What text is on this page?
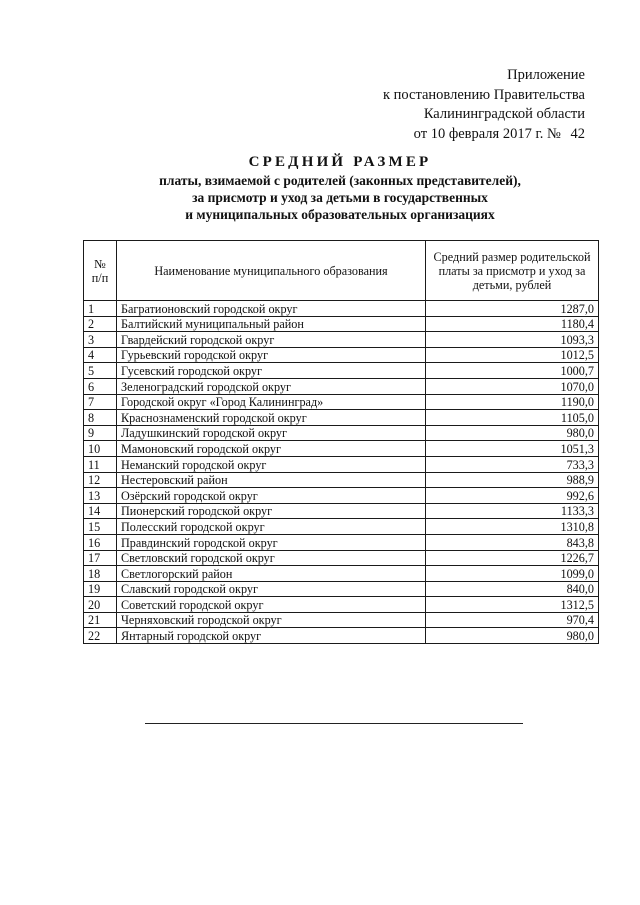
Приложение
к постановлению Правительства
Калининградской области
от 10 февраля 2017 г. № 42
СРЕДНИЙ РАЗМЕР
платы, взимаемой с родителей (законных представителей),
за присмотр и уход за детьми в государственных
и муниципальных образовательных организациях
№ п/п	Наименование муниципального образования	Средний размер родительской платы за присмотр и уход за детьми, рублей
1	Багратионовский городской округ	1287,0
2	Балтийский муниципальный район	1180,4
3	Гвардейский городской округ	1093,3
4	Гурьевский городской округ	1012,5
5	Гусевский городской округ	1000,7
6	Зеленоградский городской округ	1070,0
7	Городской округ «Город Калининград»	1190,0
8	Краснознаменский городской округ	1105,0
9	Ладушкинский городской округ	980,0
10	Мамоновский городской округ	1051,3
11	Неманский городской округ	733,3
12	Нестеровский район	988,9
13	Озёрский городской округ	992,6
14	Пионерский городской округ	1133,3
15	Полесский городской округ	1310,8
16	Правдинский городской округ	843,8
17	Светловский городской округ	1226,7
18	Светлогорский район	1099,0
19	Славский городской округ	840,0
20	Советский городской округ	1312,5
21	Черняховский городской округ	970,4
22	Янтарный городской округ	980,0
